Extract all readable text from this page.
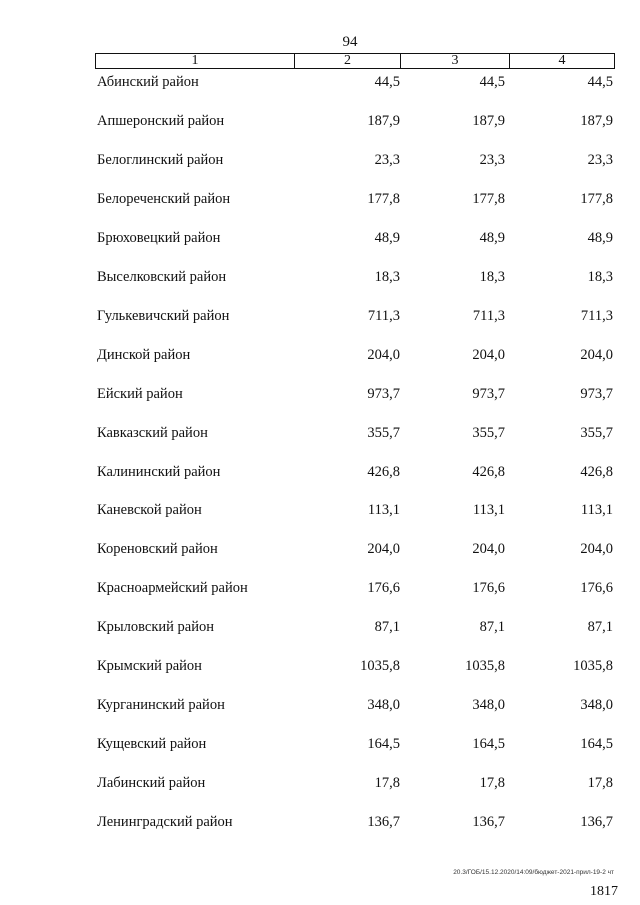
94
1	2	3	4
Абинский район	44,5	44,5	44,5
Апшеронский район	187,9	187,9	187,9
Белоглинский район	23,3	23,3	23,3
Белореченский район	177,8	177,8	177,8
Брюховецкий район	48,9	48,9	48,9
Выселковский район	18,3	18,3	18,3
Гулькевичский район	711,3	711,3	711,3
Динской район	204,0	204,0	204,0
Ейский район	973,7	973,7	973,7
Кавказский район	355,7	355,7	355,7
Калининский район	426,8	426,8	426,8
Каневской район	113,1	113,1	113,1
Кореновский район	204,0	204,0	204,0
Красноармейский район	176,6	176,6	176,6
Крыловский район	87,1	87,1	87,1
Крымский район	1035,8	1035,8	1035,8
Курганинский район	348,0	348,0	348,0
Кущевский район	164,5	164,5	164,5
Лабинский район	17,8	17,8	17,8
Ленинградский район	136,7	136,7	136,7
20.3/ГОБ/15.12.2020/14:09/бюджет-2021-прил-19-2 чт
1817
